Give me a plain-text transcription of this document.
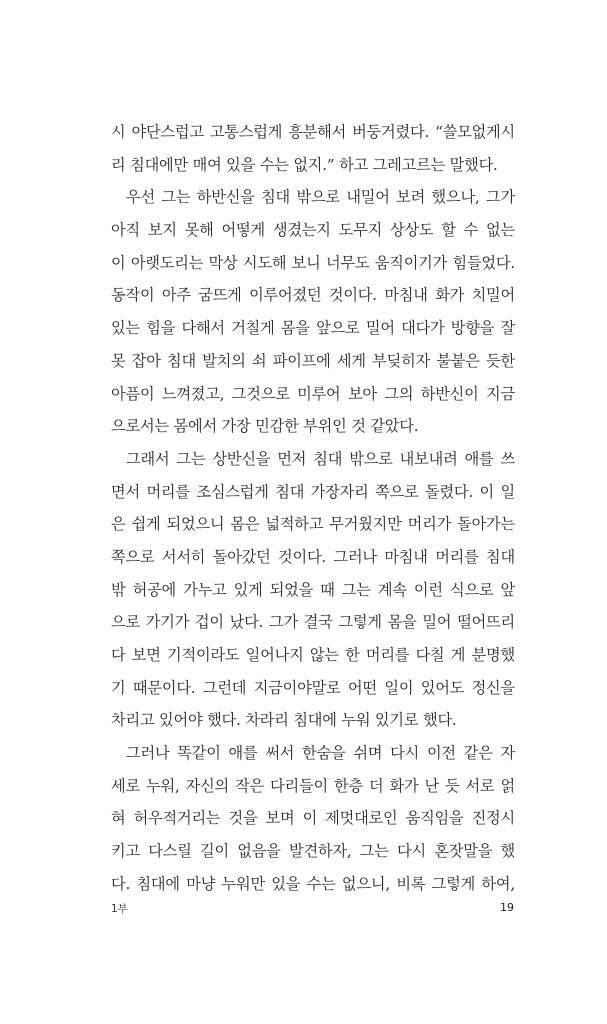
시 야단스럽고 고통스럽게 흥분해서 버둥거렸다. “쓸모없게시
리 침대에만 매여 있을 수는 없지.” 하고 그레고르는 말했다.
우선 그는 하반신을 침대 밖으로 내밀어 보려 했으나, 그가
아직 보지 못해 어떻게 생겼는지 도무지 상상도 할 수 없는
이 아랫도리는 막상 시도해 보니 너무도 움직이기가 힘들었다.
동작이 아주 굼뜨게 이루어졌던 것이다. 마침내 화가 치밀어
있는 힘을 다해서 거칠게 몸을 앞으로 밀어 대다가 방향을 잘
못 잡아 침대 발치의 쇠 파이프에 세게 부딪히자 불붙은 듯한
아픔이 느껴졌고, 그것으로 미루어 보아 그의 하반신이 지금
으로서는 몸에서 가장 민감한 부위인 것 같았다.
그래서 그는 상반신을 먼저 침대 밖으로 내보내려 애를 쓰
면서 머리를 조심스럽게 침대 가장자리 쪽으로 돌렸다. 이 일
은 쉽게 되었으니 몸은 넓적하고 무거웠지만 머리가 돌아가는
쪽으로 서서히 돌아갔던 것이다. 그러나 마침내 머리를 침대
밖 허공에 가누고 있게 되었을 때 그는 계속 이런 식으로 앞
으로 가기가 겁이 났다. 그가 결국 그렇게 몸을 밀어 떨어뜨리
다 보면 기적이라도 일어나지 않는 한 머리를 다칠 게 분명했
기 때문이다. 그런데 지금이야말로 어떤 일이 있어도 정신을
차리고 있어야 했다. 차라리 침대에 누워 있기로 했다.
그러나 똑같이 애를 써서 한숨을 쉬며 다시 이전 같은 자
세로 누워, 자신의 작은 다리들이 한층 더 화가 난 듯 서로 얽
혀 허우적거리는 것을 보며 이 제멋대로인 움직임을 진정시
키고 다스릴 길이 없음을 발견하자, 그는 다시 혼잣말을 했
다. 침대에 마냥 누워만 있을 수는 없으니, 비록 그렇게 하여,
1부	19
